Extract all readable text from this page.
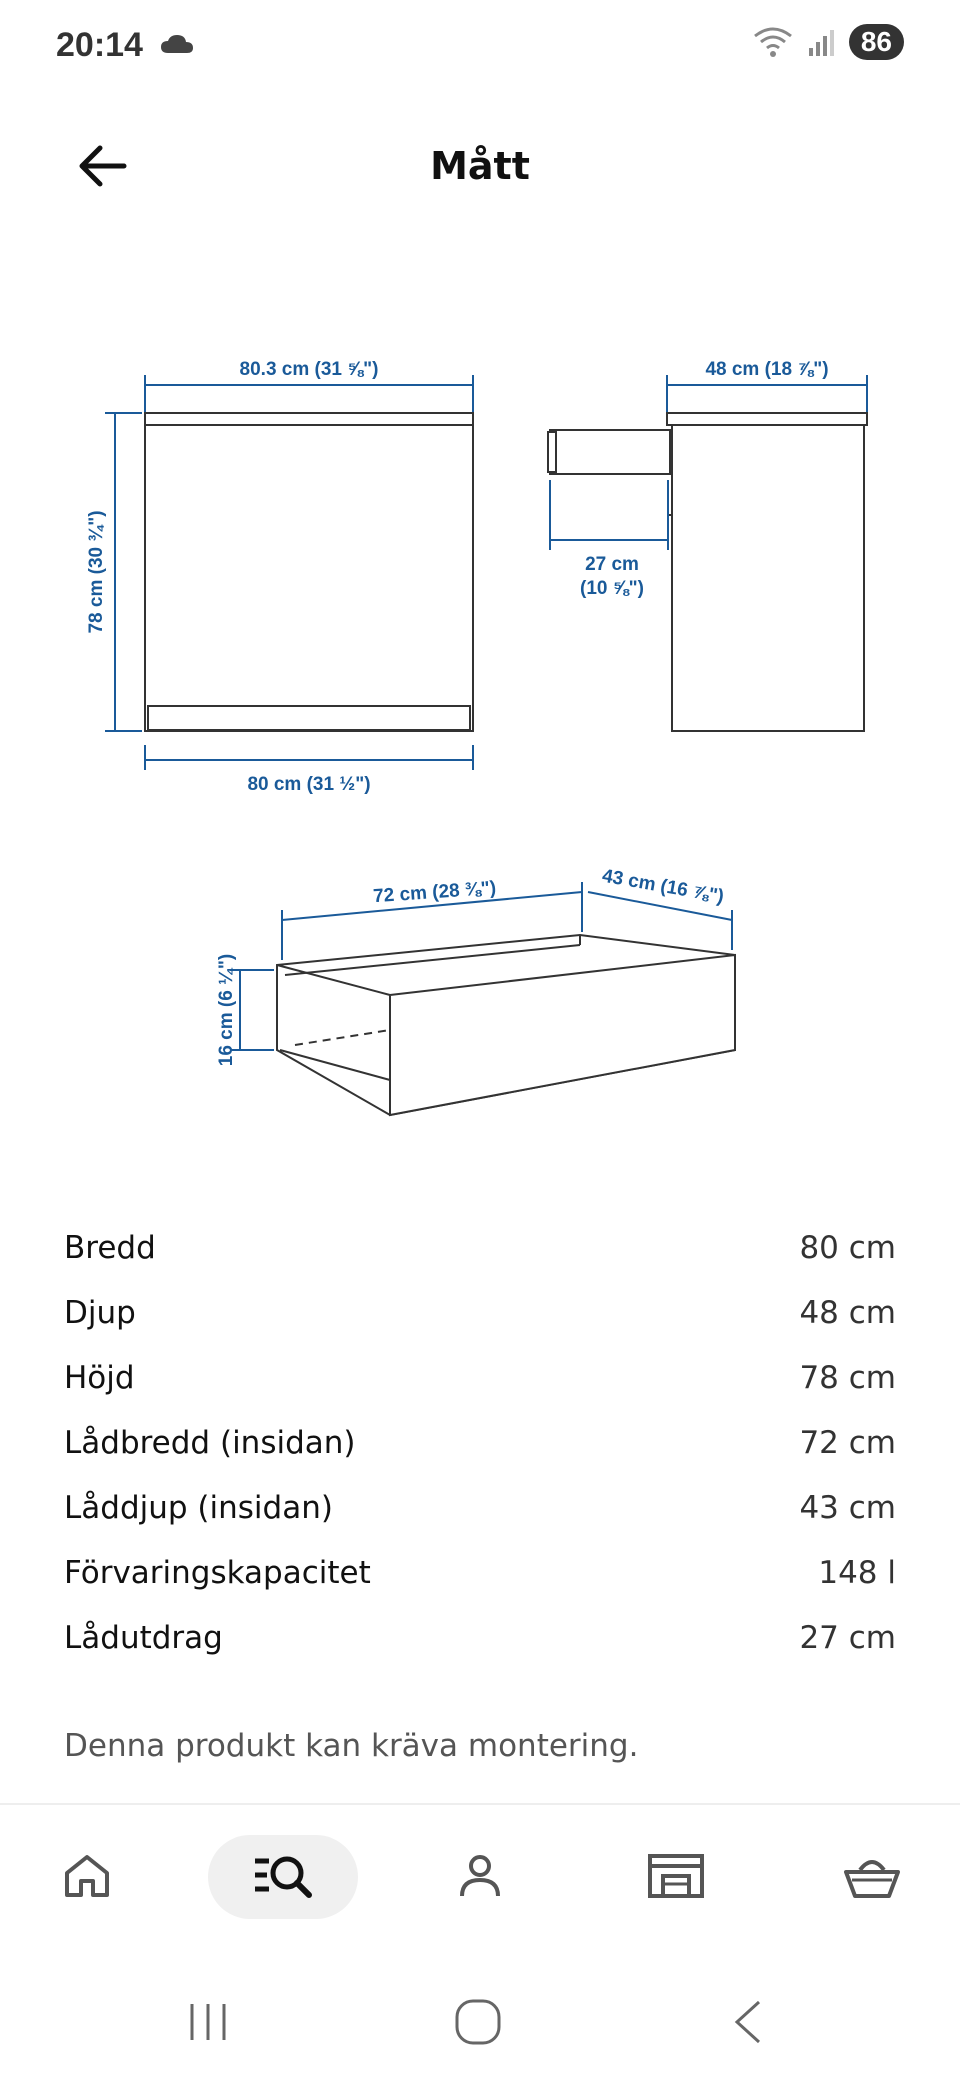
20:14	86
Mått
80.3 cm (31 ⅝")
80 cm (31 ½")
78 cm (30 ¾")
48 cm (18 ⅞")
27 cm
(10 ⅝")
72 cm (28 ⅜")	43 cm (16 ⅞")
16 cm (6 ¼")
Bredd	80 cm
Djup	48 cm
Höjd	78 cm
Lådbredd (insidan)	72 cm
Låddjup (insidan)	43 cm
Förvaringskapacitet	148 l
Lådutdrag	27 cm
Denna produkt kan kräva montering.
